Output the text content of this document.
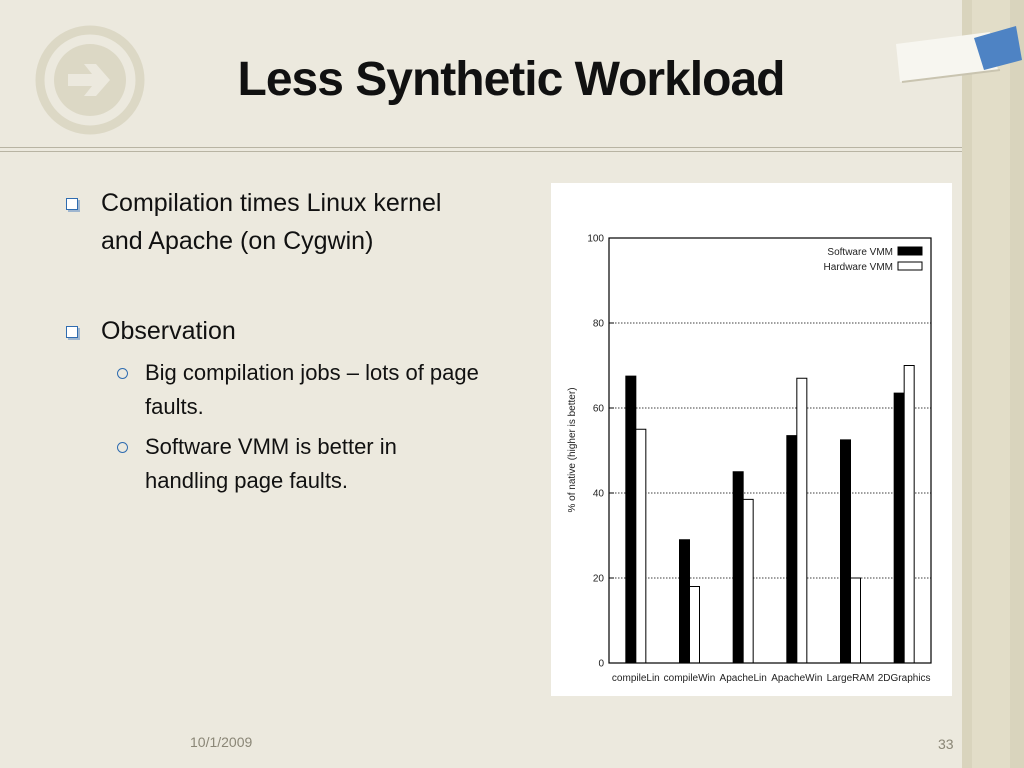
Less Synthetic Workload
Compilation times Linux kernel
and Apache (on Cygwin)
Observation
Big compilation jobs – lots of page
faults.
Software VMM is better in
handling page faults.
0
20
40
60
80
100
compileLin compileWin ApacheLin ApacheWin LargeRAM 2DGraphics
% of native (higher is better)
Software VMM
Hardware VMM
10/1/2009	33
